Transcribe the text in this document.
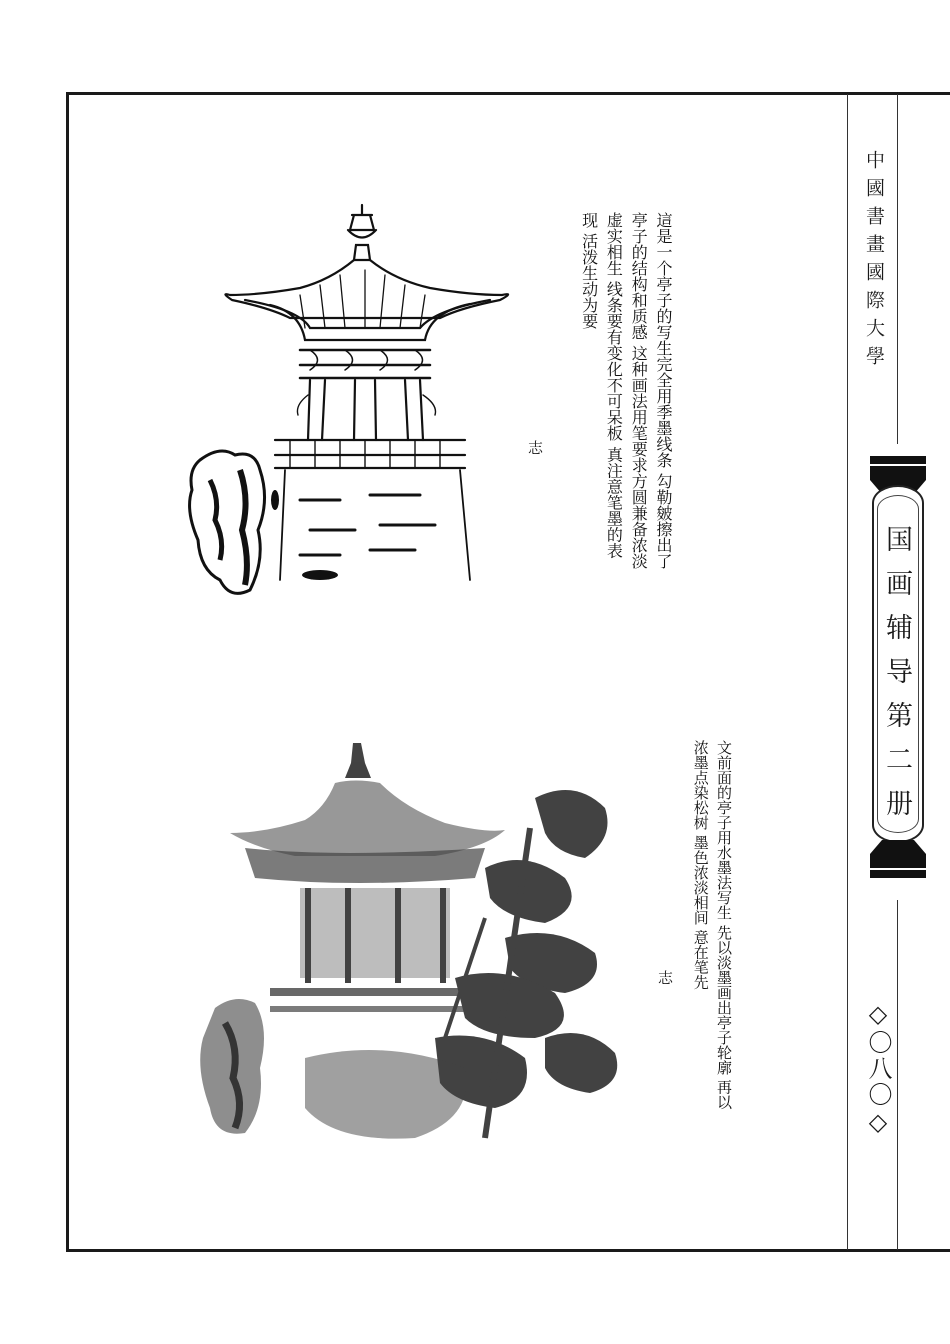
中國書畫國際大學
国画辅导第二册
◇〇八〇◇
這是一个亭子的写生完全用季墨线条 勾勒皴擦出了亭子的结构和质感 这种画法用笔要求方圆兼备浓淡虚实相生 线条要有变化不可呆板 真注意笔墨的表现 活泼生动为要
志
文前面的亭子用水墨法写生 先以淡墨画出亭子轮廓 再以浓墨点染松树 墨色浓淡相间 意在笔先
志
